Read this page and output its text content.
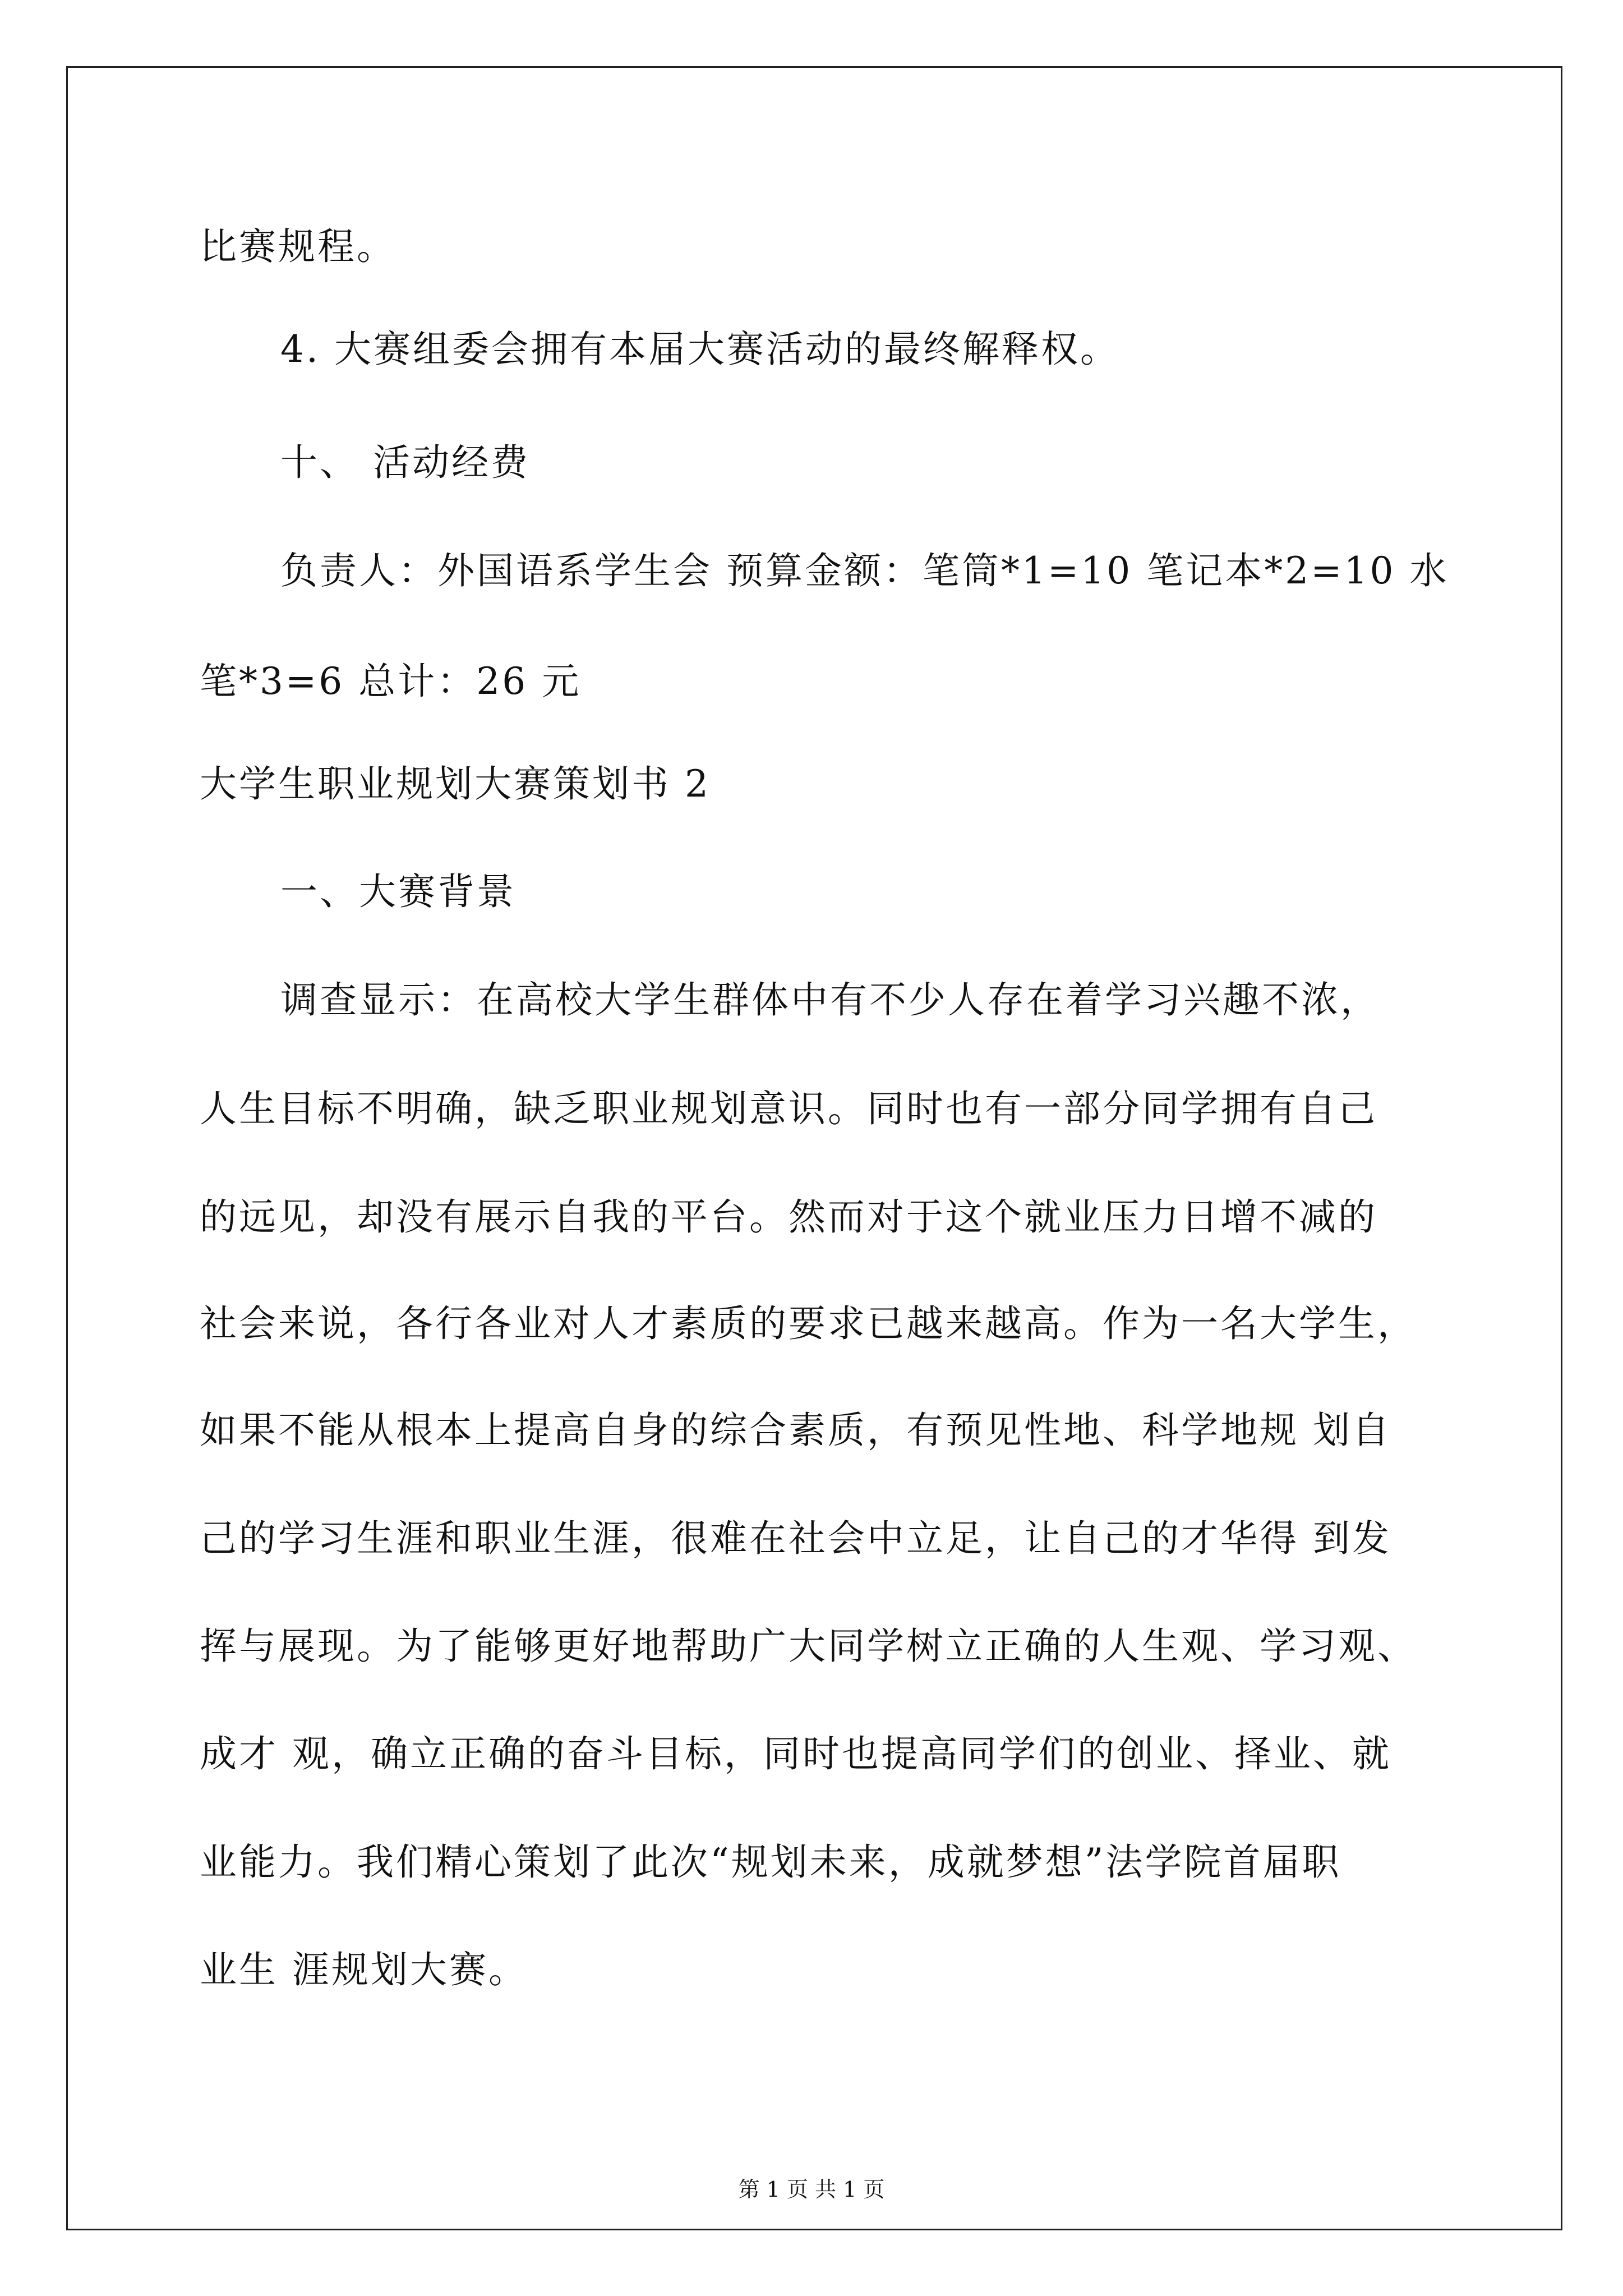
比赛规程。
4. 大赛组委会拥有本届大赛活动的最终解释权。
十、 活动经费
负责人：外国语系学生会 预算金额：笔筒*1=10 笔记本*2=10 水
笔*3=6 总计：26 元
大学生职业规划大赛策划书 2
一、大赛背景
调查显示：在高校大学生群体中有不少人存在着学习兴趣不浓，
人生目标不明确，缺乏职业规划意识。同时也有一部分同学拥有自己
的远见，却没有展示自我的平台。然而对于这个就业压力日增不减的
社会来说，各行各业对人才素质的要求已越来越高。作为一名大学生，
如果不能从根本上提高自身的综合素质，有预见性地、科学地规 划自
己的学习生涯和职业生涯，很难在社会中立足，让自己的才华得 到发
挥与展现。为了能够更好地帮助广大同学树立正确的人生观、学习观、
成才 观，确立正确的奋斗目标，同时也提高同学们的创业、择业、就
业能力。我们精心策划了此次“规划未来，成就梦想”法学院首届职
业生 涯规划大赛。
第 1 页 共 1 页
